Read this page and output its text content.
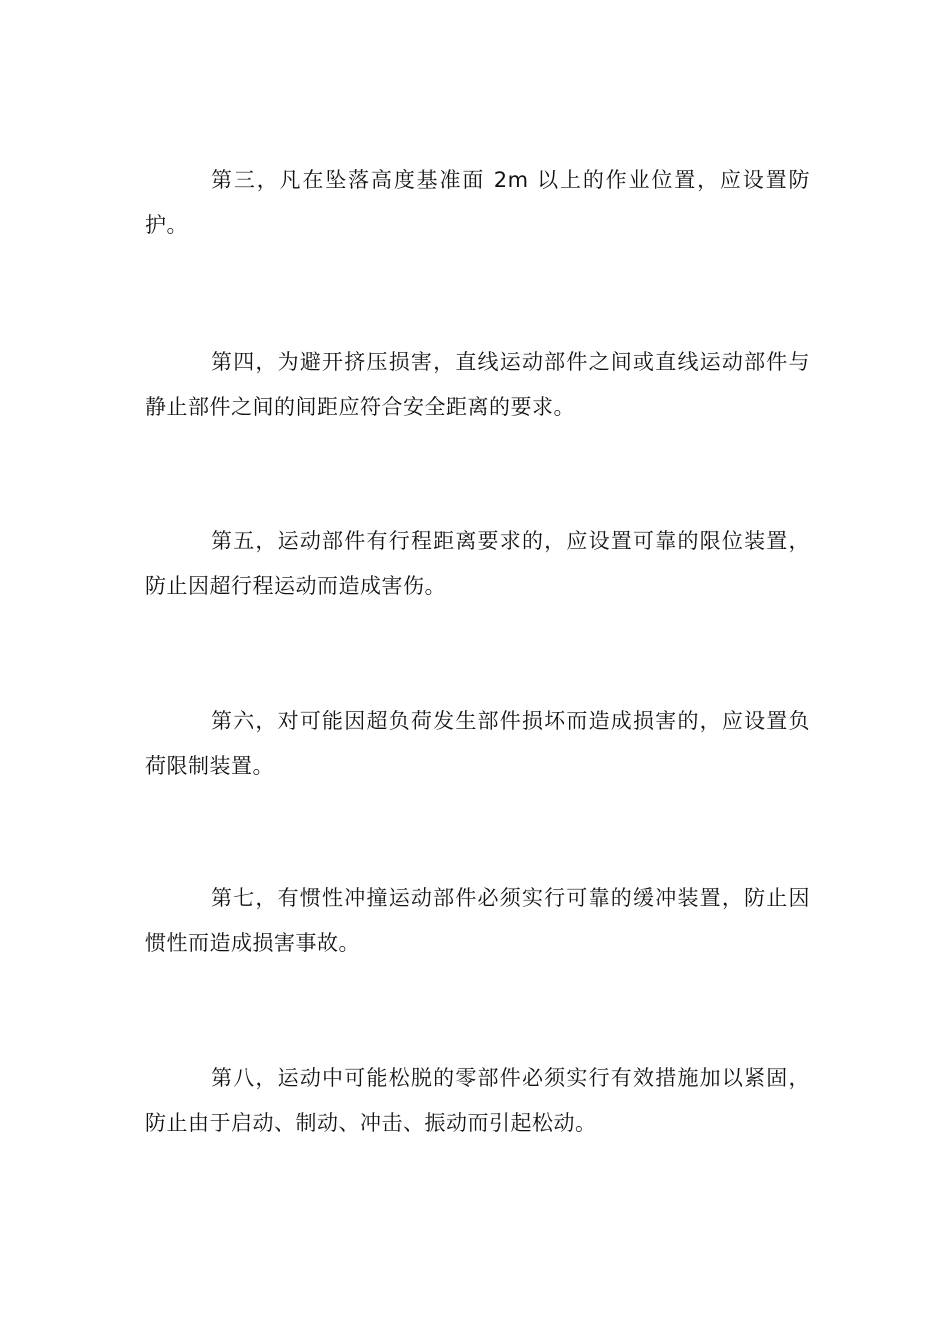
第三，凡在坠落高度基准面 2m 以上的作业位置，应设置防护。

第四，为避开挤压损害，直线运动部件之间或直线运动部件与静止部件之间的间距应符合安全距离的要求。

第五，运动部件有行程距离要求的，应设置可靠的限位装置，防止因超行程运动而造成害伤。

第六，对可能因超负荷发生部件损坏而造成损害的，应设置负荷限制装置。

第七，有惯性冲撞运动部件必须实行可靠的缓冲装置，防止因惯性而造成损害事故。

第八，运动中可能松脱的零部件必须实行有效措施加以紧固，防止由于启动、制动、冲击、振动而引起松动。
